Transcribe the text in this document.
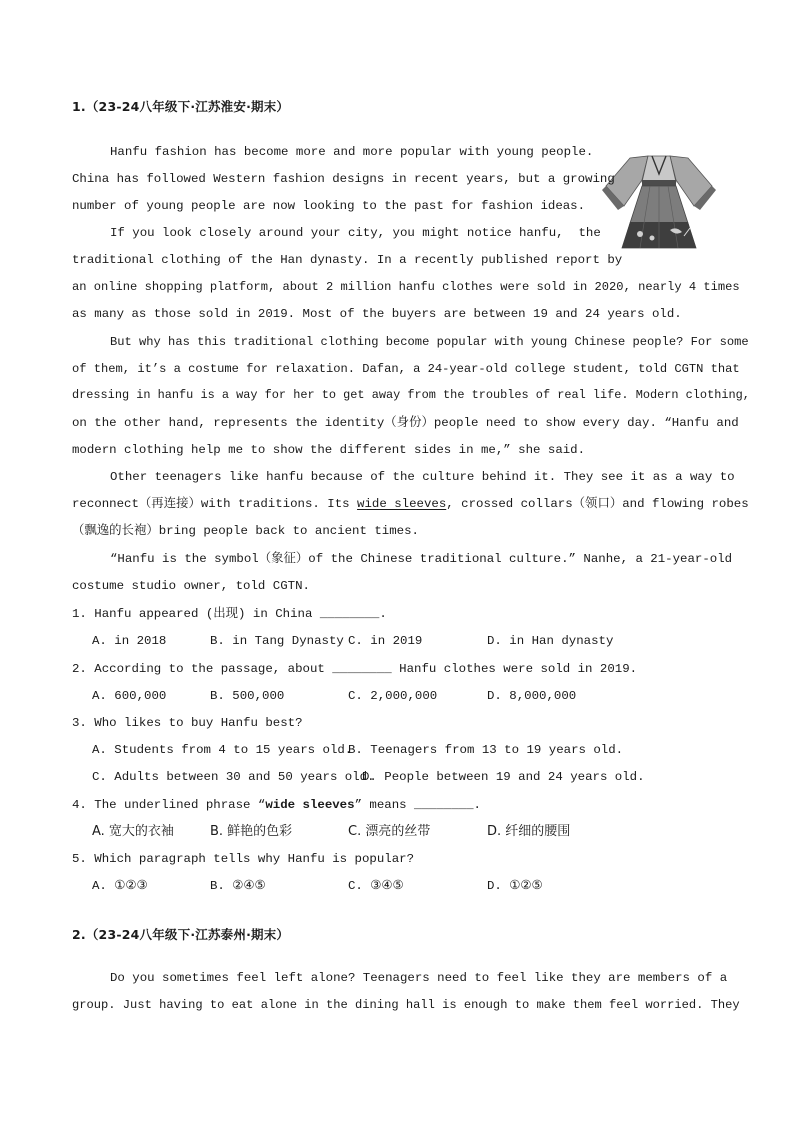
1.（23-24八年级下·江苏淮安·期末）
Hanfu fashion has become more and more popular with young people.
China has followed Western fashion designs in recent years, but a growing
number of young people are now looking to the past for fashion ideas.
If you look closely around your city, you might notice hanfu,  the
traditional clothing of the Han dynasty. In a recently published report by
an online shopping platform, about 2 million hanfu clothes were sold in 2020, nearly 4 times
as many as those sold in 2019. Most of the buyers are between 19 and 24 years old.
But why has this traditional clothing become popular with young Chinese people? For some
of them, it’s a costume for relaxation. Dafan, a 24-year-old college student, told CGTN that
dressing in hanfu is a way for her to get away from the troubles of real life. Modern clothing,
on the other hand, represents the identity（身份）people need to show every day. “Hanfu and
modern clothing help me to show the different sides in me,” she said.
Other teenagers like hanfu because of the culture behind it. They see it as a way to
reconnect（再连接）with traditions. Its wide sleeves, crossed collars（领口）and flowing robes
（飘逸的长袍）bring people back to ancient times.
“Hanfu is the symbol（象征）of the Chinese traditional culture.” Nanhe, a 21-year-old
costume studio owner, told CGTN.
1. Hanfu appeared (出现) in China ________.
A. in 2018	B. in Tang Dynasty C. in 2019	D. in Han dynasty
2. According to the passage, about ________ Hanfu clothes were sold in 2019.
A. 600,000	B. 500,000	C. 2,000,000	D. 8,000,000
3. Who likes to buy Hanfu best?
A. Students from 4 to 15 years old.
B. Teenagers from 13 to 19 years old.
C. Adults between 30 and 50 years old.
D. People between 19 and 24 years old.
4. The underlined phrase “wide sleeves” means ________.
A. 宽大的衣袖	B. 鲜艳的色彩	C. 漂亮的丝带	D. 纤细的腰围
5. Which paragraph tells why Hanfu is popular?
A. ①②③	B. ②④⑤	C. ③④⑤	D. ①②⑤
2.（23-24八年级下·江苏泰州·期末）
Do you sometimes feel left alone? Teenagers need to feel like they are members of a
group. Just having to eat alone in the dining hall is enough to make them feel worried. They
